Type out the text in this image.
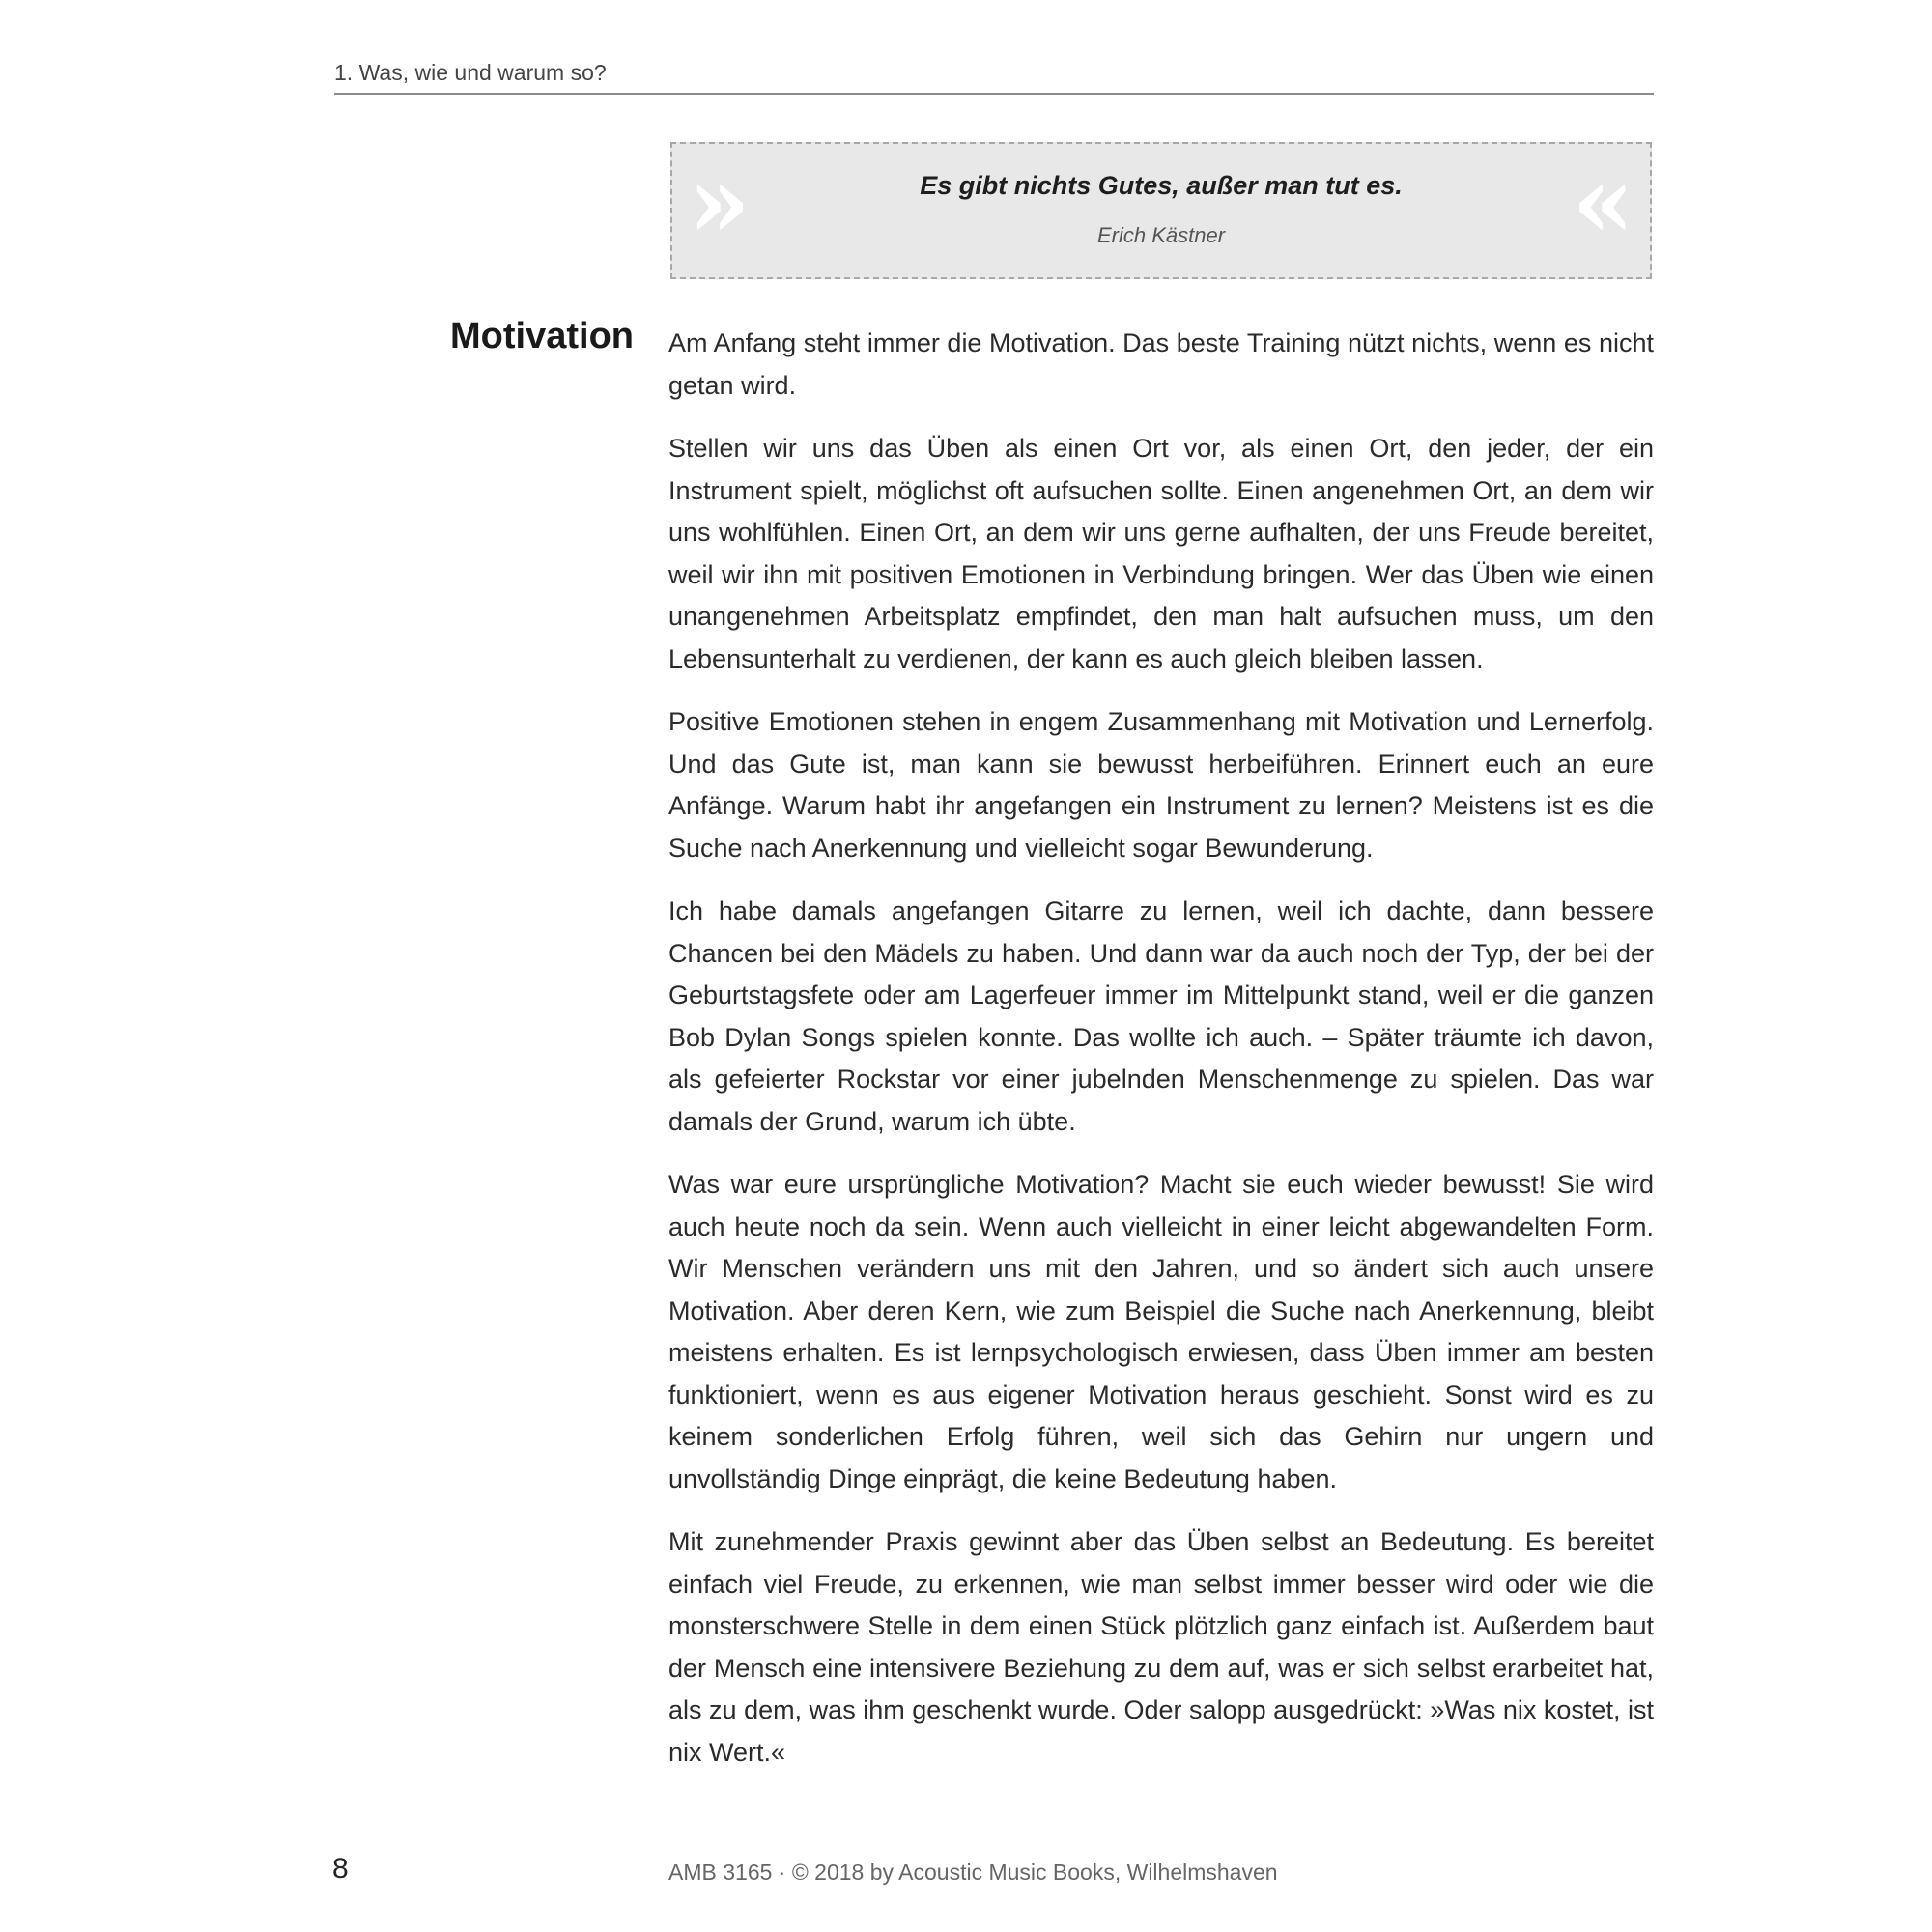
1. Was, wie und warum so?
»	Es gibt nichts Gutes, außer man tut es.
Erich Kästner	«
Motivation Am Anfang steht immer die Motivation. Das beste Training nützt nichts, wenn es nicht getan wird.

Stellen wir uns das Üben als einen Ort vor, als einen Ort, den jeder, der ein Instrument spielt, möglichst oft aufsuchen sollte. Einen angenehmen Ort, an dem wir uns wohlfühlen. Einen Ort, an dem wir uns gerne aufhalten, der uns Freude bereitet, weil wir ihn mit positiven Emotionen in Verbindung bringen. Wer das Üben wie einen unangenehmen Arbeitsplatz empfindet, den man halt aufsuchen muss, um den Lebensunterhalt zu verdienen, der kann es auch gleich bleiben lassen.

Positive Emotionen stehen in engem Zusammenhang mit Motivation und Lernerfolg. Und das Gute ist, man kann sie bewusst herbeiführen. Erinnert euch an eure Anfänge. Warum habt ihr angefangen ein Instrument zu lernen? Meistens ist es die Suche nach Anerkennung und vielleicht sogar Bewunderung.

Ich habe damals angefangen Gitarre zu lernen, weil ich dachte, dann bessere Chancen bei den Mädels zu haben. Und dann war da auch noch der Typ, der bei der Geburtstagsfete oder am Lagerfeuer immer im Mittelpunkt stand, weil er die ganzen Bob Dylan Songs spielen konnte. Das wollte ich auch. – Später träumte ich davon, als gefeierter Rockstar vor einer jubelnden Menschenmenge zu spielen. Das war damals der Grund, warum ich übte.

Was war eure ursprüngliche Motivation? Macht sie euch wieder bewusst! Sie wird auch heute noch da sein. Wenn auch vielleicht in einer leicht abgewandelten Form. Wir Menschen verändern uns mit den Jahren, und so ändert sich auch unsere Motivation. Aber deren Kern, wie zum Beispiel die Suche nach Anerkennung, bleibt meistens erhalten. Es ist lernpsychologisch erwiesen, dass Üben immer am besten funktioniert, wenn es aus eigener Motivation heraus geschieht. Sonst wird es zu keinem sonderlichen Erfolg führen, weil sich das Gehirn nur ungern und unvollständig Dinge einprägt, die keine Bedeutung haben.

Mit zunehmender Praxis gewinnt aber das Üben selbst an Bedeutung. Es bereitet einfach viel Freude, zu erkennen, wie man selbst immer besser wird oder wie die monsterschwere Stelle in dem einen Stück plötzlich ganz einfach ist. Außerdem baut der Mensch eine intensivere Beziehung zu dem auf, was er sich selbst erarbeitet hat, als zu dem, was ihm geschenkt wurde. Oder salopp ausgedrückt: »Was nix kostet, ist nix Wert.«

8	AMB 3165 · © 2018 by Acoustic Music Books, Wilhelmshaven
